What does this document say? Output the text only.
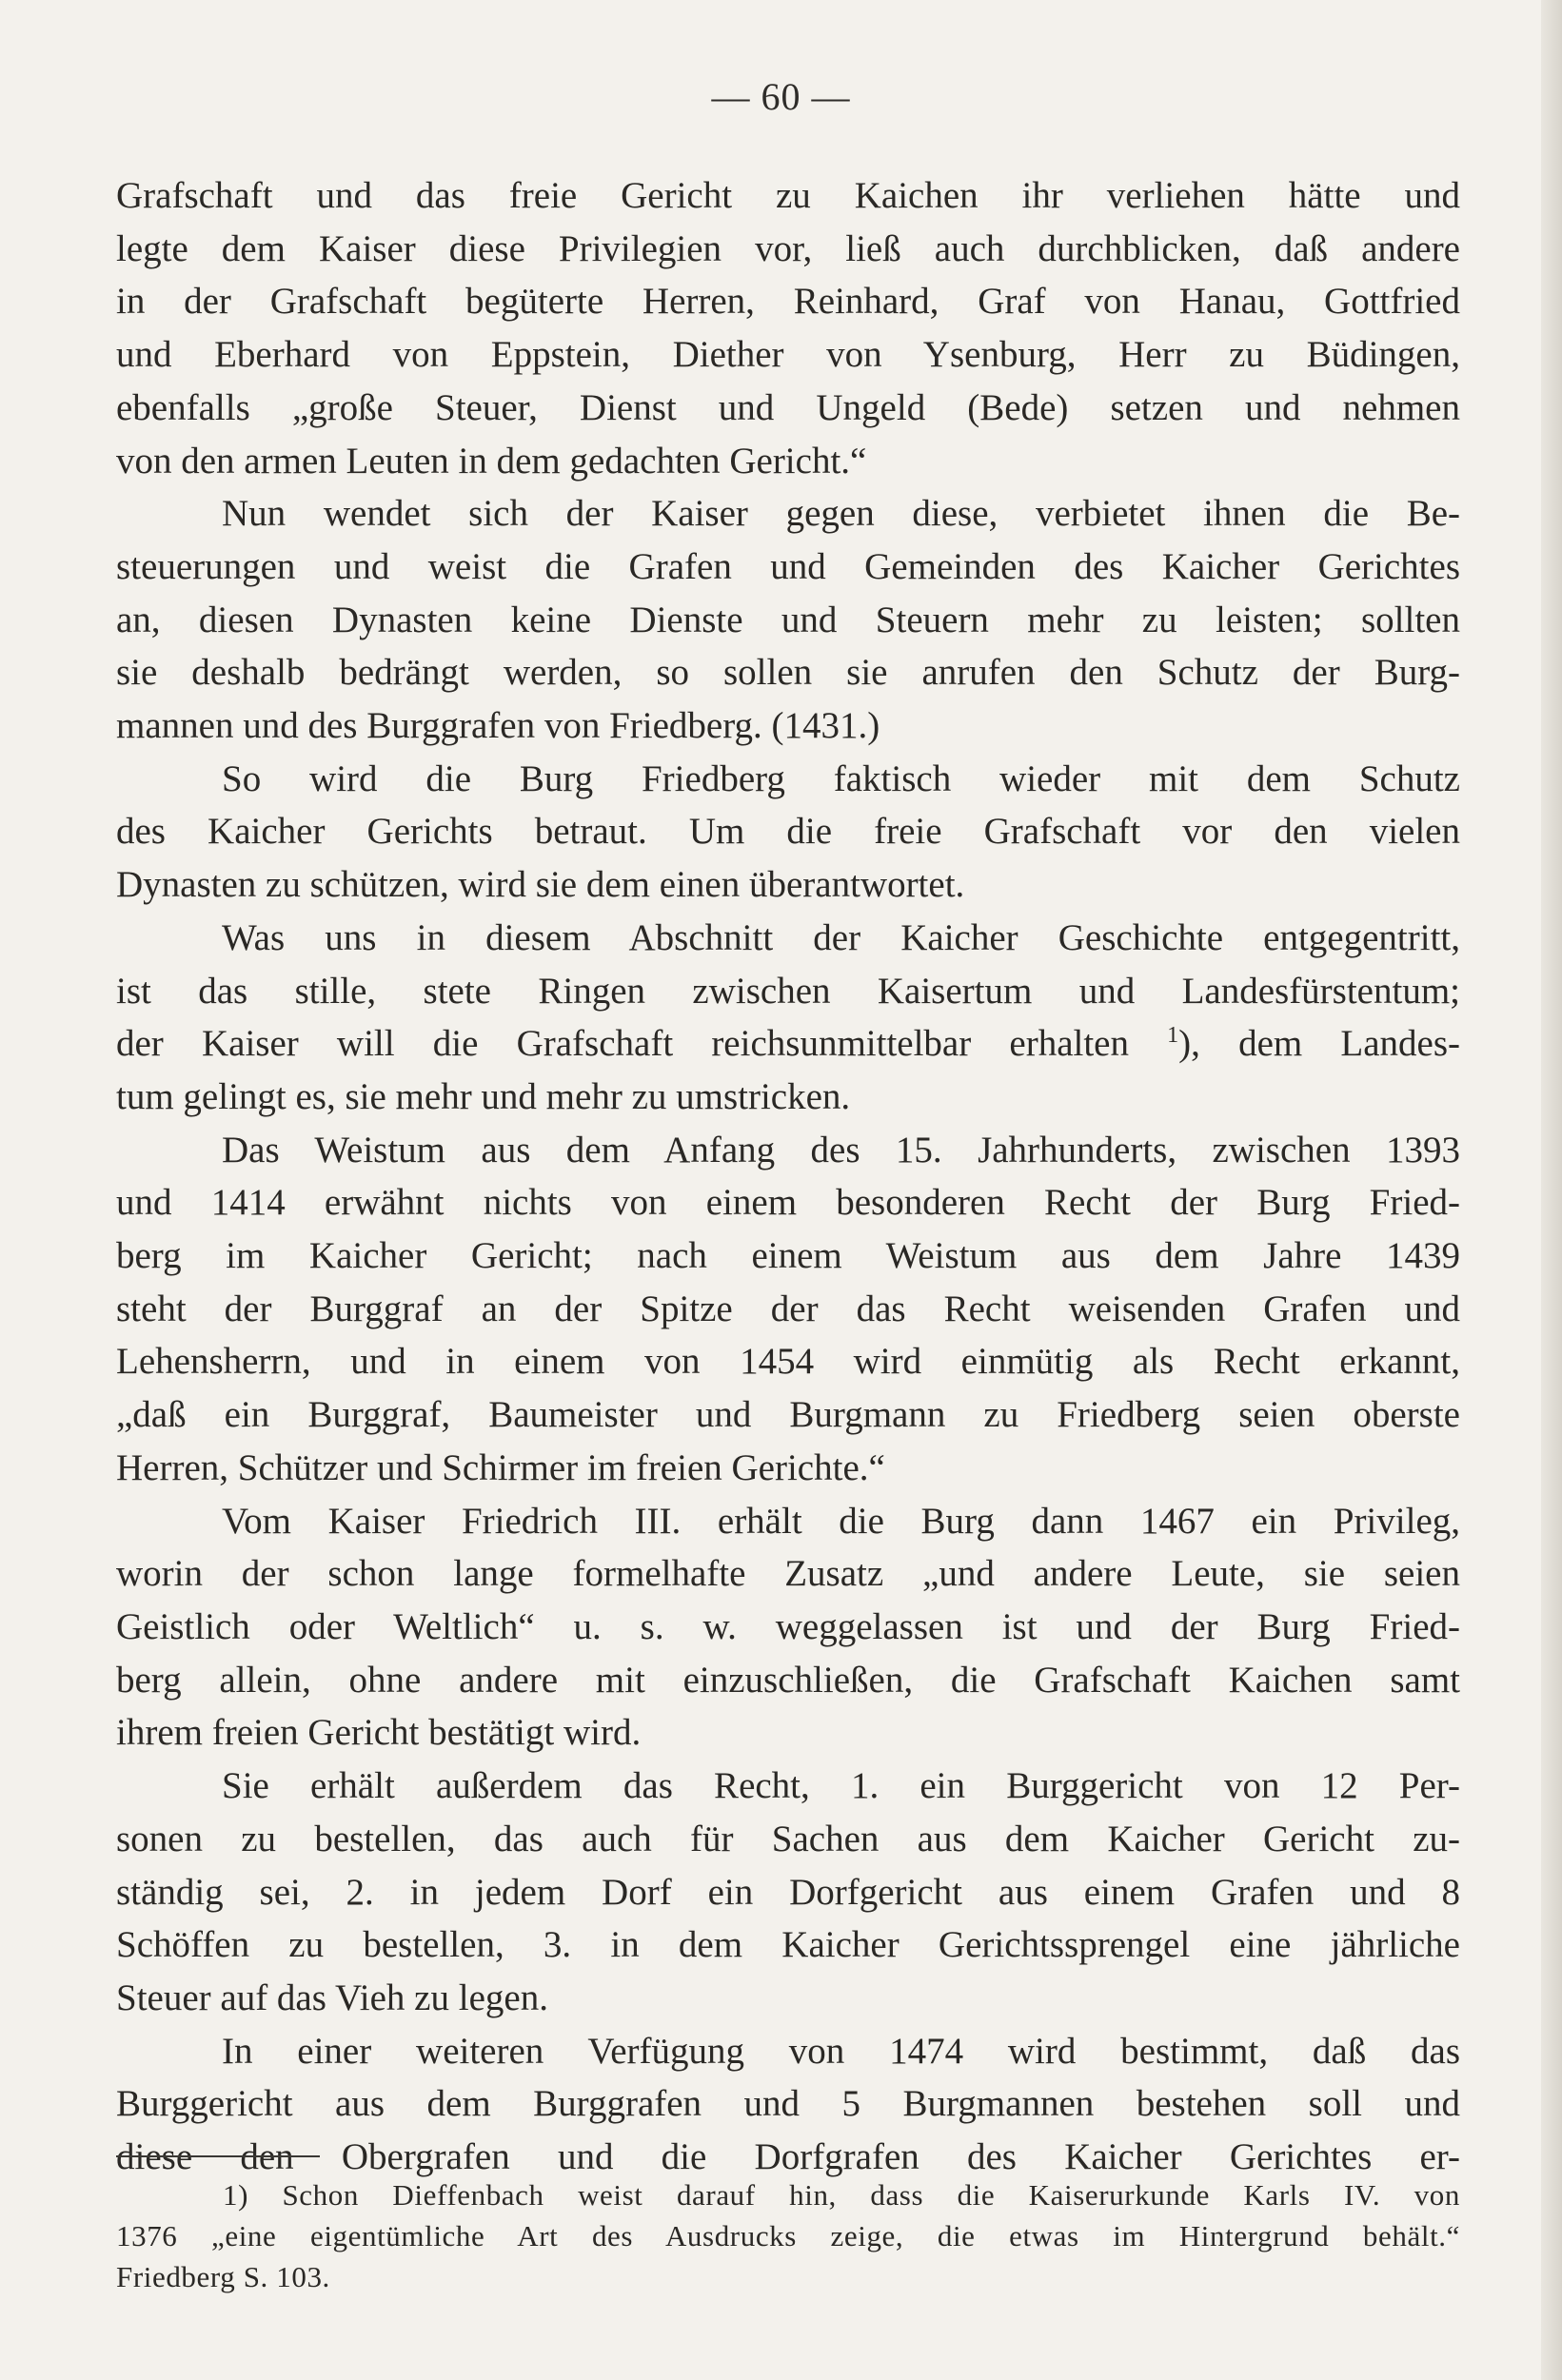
— 60 —

Grafschaft und das freie Gericht zu Kaichen ihr verliehen hätte und

legte dem Kaiser diese Privilegien vor, ließ auch durchblicken, daß andere

in der Grafschaft begüterte Herren, Reinhard, Graf von Hanau, Gottfried

und Eberhard von Eppstein, Diether von Ysenburg, Herr zu Büdingen,

ebenfalls „große Steuer, Dienst und Ungeld (Bede) setzen und nehmen

von den armen Leuten in dem gedachten Gericht.“

Nun wendet sich der Kaiser gegen diese, verbietet ihnen die Be-

steuerungen und weist die Grafen und Gemeinden des Kaicher Gerichtes

an, diesen Dynasten keine Dienste und Steuern mehr zu leisten; sollten

sie deshalb bedrängt werden, so sollen sie anrufen den Schutz der Burg-

mannen und des Burggrafen von Friedberg. (1431.)

So wird die Burg Friedberg faktisch wieder mit dem Schutz

des Kaicher Gerichts betraut. Um die freie Grafschaft vor den vielen

Dynasten zu schützen, wird sie dem einen überantwortet.

Was uns in diesem Abschnitt der Kaicher Geschichte entgegentritt,

ist das stille, stete Ringen zwischen Kaisertum und Landesfürstentum;

der Kaiser will die Grafschaft reichsunmittelbar erhalten $^1$), dem Landes-

tum gelingt es, sie mehr und mehr zu umstricken.

Das Weistum aus dem Anfang des 15. Jahrhunderts, zwischen 1393

und 1414 erwähnt nichts von einem besonderen Recht der Burg Fried-

berg im Kaicher Gericht; nach einem Weistum aus dem Jahre 1439

steht der Burggraf an der Spitze der das Recht weisenden Grafen und

Lehensherrn, und in einem von 1454 wird einmütig als Recht erkannt,

„daß ein Burggraf, Baumeister und Burgmann zu Friedberg seien oberste

Herren, Schützer und Schirmer im freien Gerichte.“

Vom Kaiser Friedrich III. erhält die Burg dann 1467 ein Privileg,

worin der schon lange formelhafte Zusatz „und andere Leute, sie seien

Geistlich oder Weltlich“ u. s. w. weggelassen ist und der Burg Fried-

berg allein, ohne andere mit einzuschließen, die Grafschaft Kaichen samt

ihrem freien Gericht bestätigt wird.

Sie erhält außerdem das Recht, 1. ein Burggericht von 12 Per-

sonen zu bestellen, das auch für Sachen aus dem Kaicher Gericht zu-

ständig sei, 2. in jedem Dorf ein Dorfgericht aus einem Grafen und 8

Schöffen zu bestellen, 3. in dem Kaicher Gerichtssprengel eine jährliche

Steuer auf das Vieh zu legen.

In einer weiteren Verfügung von 1474 wird bestimmt, daß das

Burggericht aus dem Burggrafen und 5 Burgmannen bestehen soll und

diese den Obergrafen und die Dorfgrafen des Kaicher Gerichtes er-

1) Schon Dieffenbach weist darauf hin, dass die Kaiserurkunde Karls IV. von

1376 „eine eigentümliche Art des Ausdrucks zeige, die etwas im Hintergrund behält.“

Friedberg S. 103.
